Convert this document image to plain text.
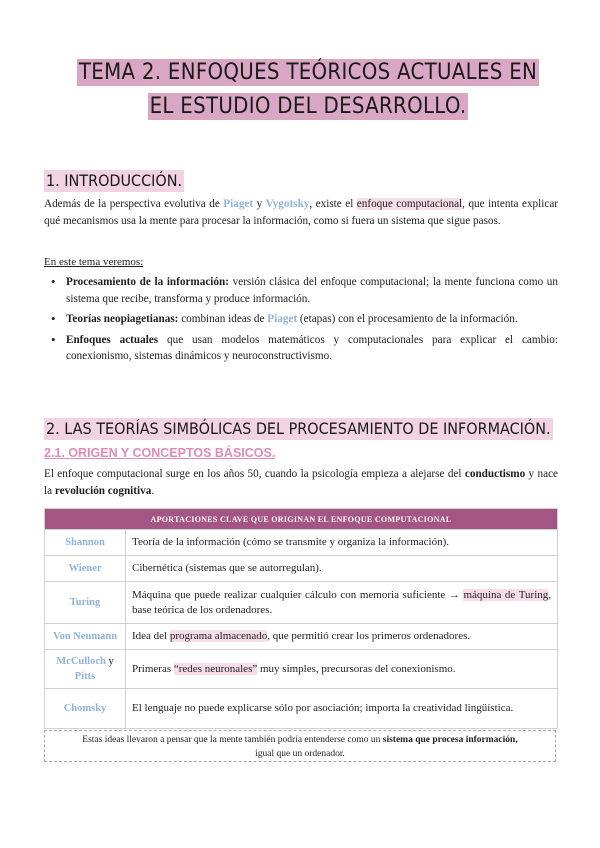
TEMA 2. ENFOQUES TEÓRICOS ACTUALES EN EL ESTUDIO DEL DESARROLLO.
1. INTRODUCCIÓN.
Además de la perspectiva evolutiva de Piaget y Vygotsky, existe el enfoque computacional, que intenta explicar qué mecanismos usa la mente para procesar la información, como si fuera un sistema que sigue pasos.
En este tema veremos:
• Procesamiento de la información: versión clásica del enfoque computacional; la mente funciona como un sistema que recibe, transforma y produce información.
• Teorías neopiagetianas: combinan ideas de Piaget (etapas) con el procesamiento de la información.
• Enfoques actuales que usan modelos matemáticos y computacionales para explicar el cambio: conexionismo, sistemas dinámicos y neuroconstructivismo.
2. LAS TEORÍAS SIMBÓLICAS DEL PROCESAMIENTO DE INFORMACIÓN.
2.1. ORIGEN Y CONCEPTOS BÁSICOS.
El enfoque computacional surge en los años 50, cuando la psicología empieza a alejarse del conductismo y nace la revolución cognitiva.
APORTACIONES CLAVE QUE ORIGINAN EL ENFOQUE COMPUTACIONAL	
Shannon	Teoría de la información (cómo se transmite y organiza la información).
Wiener	Cibernética (sistemas que se autorregulan).
Turing	Máquina que puede realizar cualquier cálculo con memoria suficiente → máquina de Turing, base teórica de los ordenadores.
Von Neumann	Idea del programa almacenado, que permitió crear los primeros ordenadores.
McCulloch y
Pitts	Primeras “redes neuronales” muy simples, precursoras del conexionismo.
Chomsky	El lenguaje no puede explicarse sólo por asociación; importa la creatividad lingüística.
Estas ideas llevaron a pensar que la mente también podría entenderse como un sistema que procesa información,
igual que un ordenador.
